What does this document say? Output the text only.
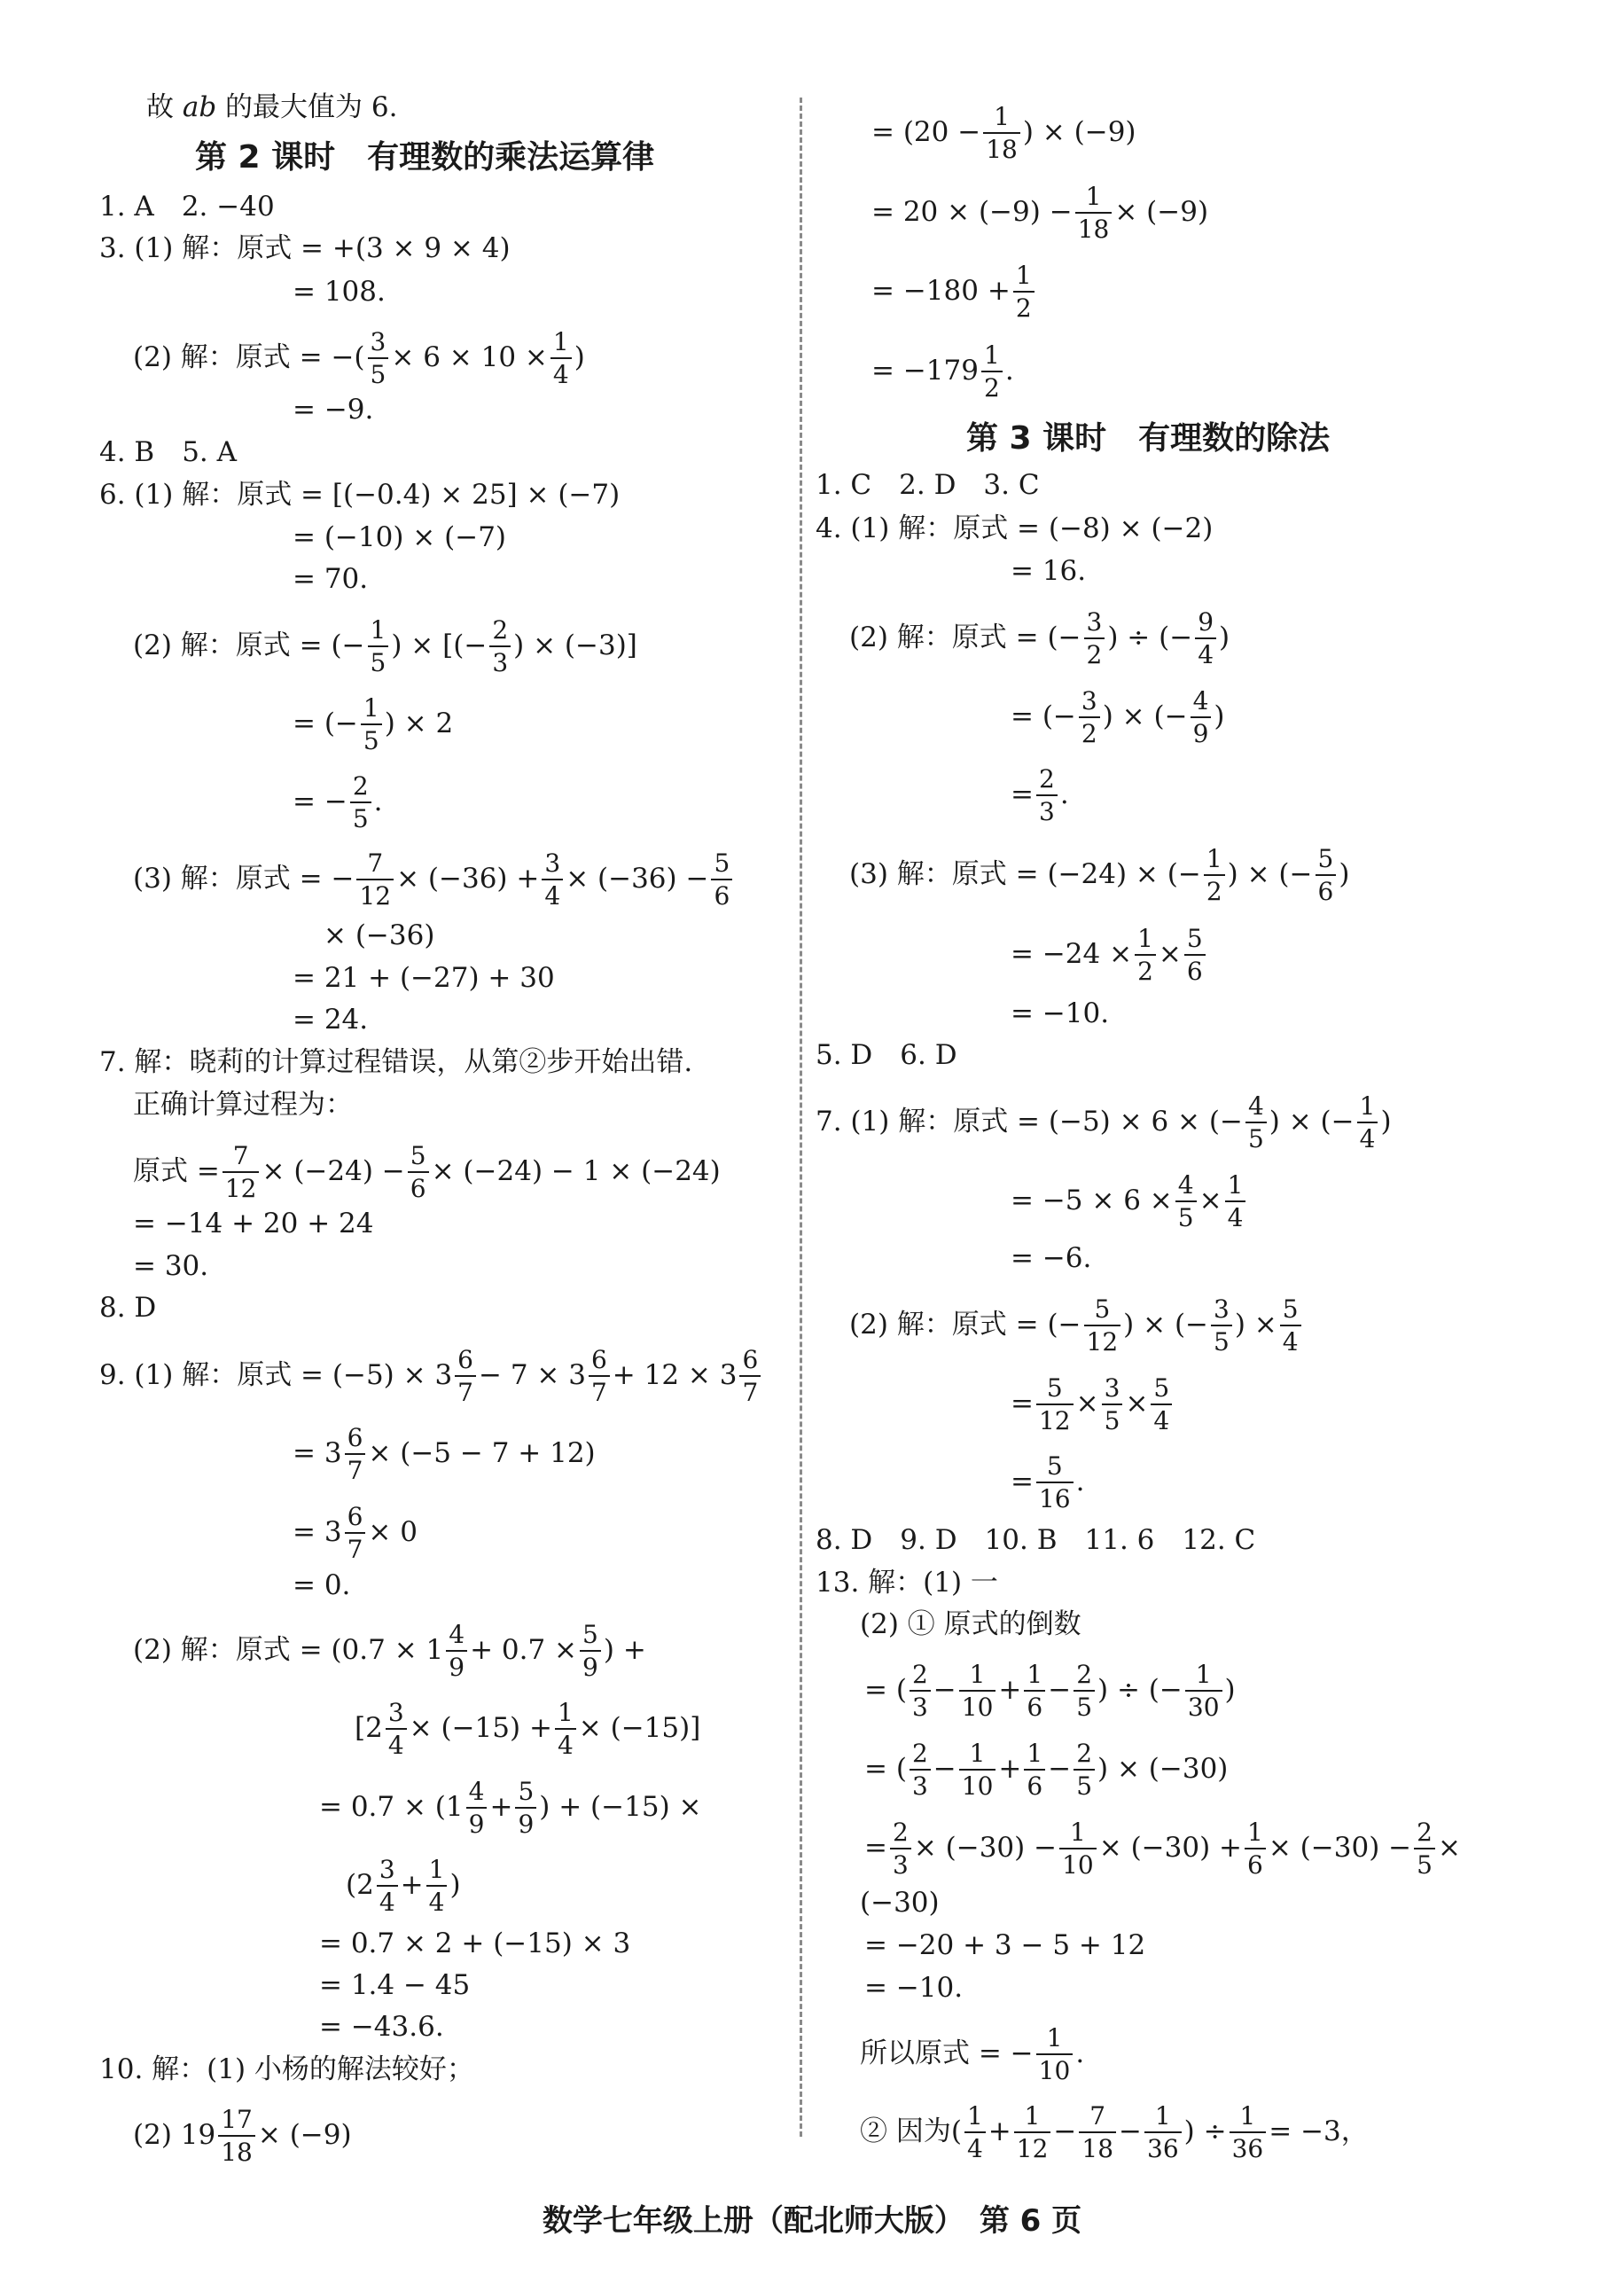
故 ab 的最大值为 6.
第 2 课时　有理数的乘法运算律
1. A　2. −40
3. (1) 解：原式 = +(3 × 9 × 4)
= 108.
(2) 解：原式 = −( $\frac{3}{5} \times 6 \times 10 \times \frac{1}{4}$ )
= −9.
4. B　5. A
6. (1) 解：原式 = [(−0.4) × 25] × (−7)
= (−10) × (−7)
= 70.
(2) 解：原式 = (− $\frac{1}{5}$ ) × [(− $\frac{2}{3}$ ) × (−3)]
= (− $\frac{1}{5}$ ) × 2
= − $\frac{2}{5}$ .
(3) 解：原式 = − $\frac{7}{12} \times (-36) + \frac{3}{4} \times (-36) - \frac{5}{6}$
× (−36)
= 21 + (−27) + 30
= 24.
7. 解：晓莉的计算过程错误，从第②步开始出错.
正确计算过程为：
原式 = $\frac{7}{12} \times (-24) - \frac{5}{6} \times (-24) - 1 \times (-24)$
= −14 + 20 + 24
= 30.
8. D
9. (1) 解：原式 = $(-5) \times 3 \frac{6}{7} - 7 \times 3 \frac{6}{7} + 12 \times 3 \frac{6}{7}$
= $3 \frac{6}{7} \times (-5 - 7 + 12)$
= $3 \frac{6}{7} \times 0$
= 0.
(2) 解：原式 = ($0.7 \times 1 \frac{4}{9} + 0.7 \times \frac{5}{9}$ ) +
$[2 \frac{3}{4} \times (-15) + \frac{1}{4} \times (-15)]$
= $0.7 \times (1 \frac{4}{9} + \frac{5}{9}$ ) + (−15) ×
($2 \frac{3}{4} + \frac{1}{4}$ )
= 0.7 × 2 + (−15) × 3
= 1.4 − 45
= −43.6.
10. 解：(1) 小杨的解法较好；
(2) $19 \frac{17}{18} \times (-9)$
= ($20 - \frac{1}{18}$ ) × (−9)
= $20 \times (-9) - \frac{1}{18} \times (-9)$
= $-180 + \frac{1}{2}$
= $-179 \frac{1}{2}$ .
第 3 课时　有理数的除法
1. C　2. D　3. C
4. (1) 解：原式 = (−8) × (−2)
= 16.
(2) 解：原式 = (− $\frac{3}{2}$ ) ÷ (− $\frac{9}{4}$ )
= (− $\frac{3}{2}$ ) × (− $\frac{4}{9}$ )
= $\frac{2}{3}$ .
(3) 解：原式 = (−24) × (− $\frac{1}{2}$ ) × (− $\frac{5}{6}$ )
= $-24 \times \frac{1}{2} \times \frac{5}{6}$
= −10.
5. D　6. D
7. (1) 解：原式 = (−5) × 6 × (− $\frac{4}{5}$ ) × (− $\frac{1}{4}$ )
= $-5 \times 6 \times \frac{4}{5} \times \frac{1}{4}$
= −6.
(2) 解：原式 = (− $\frac{5}{12}$ ) × (− $\frac{3}{5}$ ) × $\frac{5}{4}$
= $\frac{5}{12} \times \frac{3}{5} \times \frac{5}{4}$
= $\frac{5}{16}$ .
8. D　9. D　10. B　11. 6　12. C
13. 解：(1) 一
(2) ① 原式的倒数
= ( $\frac{2}{3} - \frac{1}{10} + \frac{1}{6} - \frac{2}{5}$ ) ÷ (− $\frac{1}{30}$ )
= ( $\frac{2}{3} - \frac{1}{10} + \frac{1}{6} - \frac{2}{5}$ ) × (−30)
= $\frac{2}{3} \times (-30) - \frac{1}{10} \times (-30) + \frac{1}{6} \times (-30) - \frac{2}{5}$ ×
(−30)
= −20 + 3 − 5 + 12
= −10.
所以原式 = − $\frac{1}{10}$ .
② 因为( $\frac{1}{4} + \frac{1}{12} - \frac{7}{18} - \frac{1}{36}$ ) ÷ $\frac{1}{36} = -3$，
数学七年级上册（配北师大版）　第 6 页
